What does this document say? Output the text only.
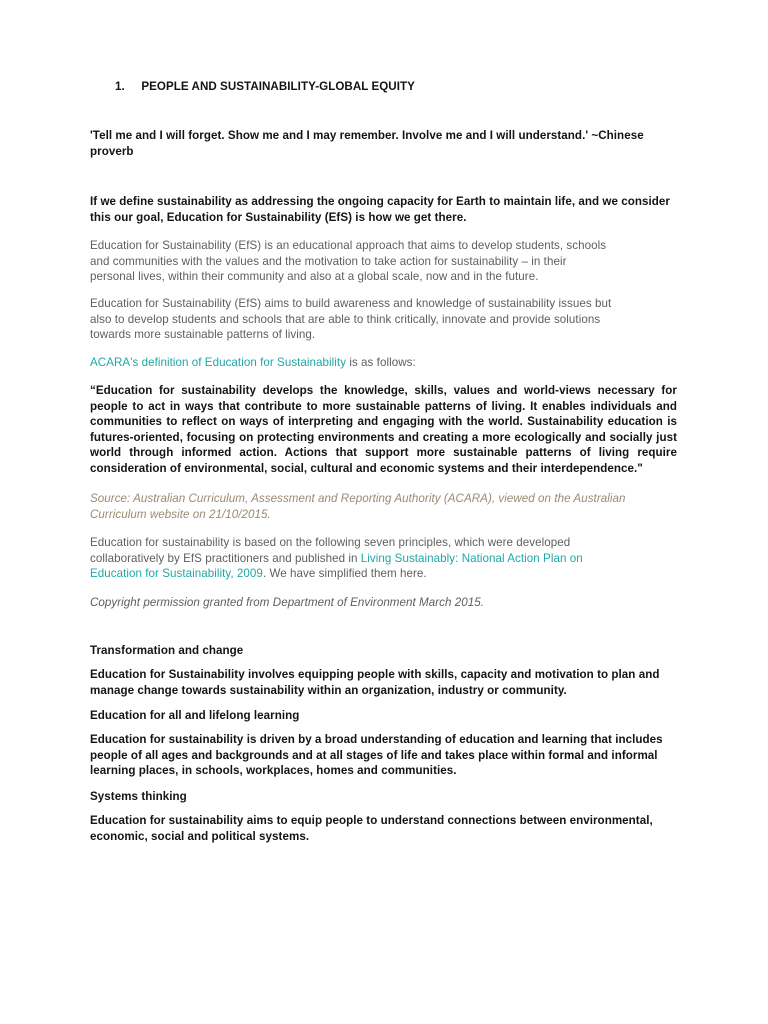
1. PEOPLE AND SUSTAINABILITY-GLOBAL EQUITY
'Tell me and I will forget. Show me and I may remember. Involve me and I will understand.' ~Chinese
proverb
If we define sustainability as addressing the ongoing capacity for Earth to maintain life, and we consider
this our goal, Education for Sustainability (EfS) is how we get there.
Education for Sustainability (EfS) is an educational approach that aims to develop students, schools
and communities with the values and the motivation to take action for sustainability – in their
personal lives, within their community and also at a global scale, now and in the future.
Education for Sustainability (EfS) aims to build awareness and knowledge of sustainability issues but
also to develop students and schools that are able to think critically, innovate and provide solutions
towards more sustainable patterns of living.
ACARA's definition of Education for Sustainability is as follows:
“Education for sustainability develops the knowledge, skills, values and world-views necessary for
people to act in ways that contribute to more sustainable patterns of living. It enables individuals and
communities to reflect on ways of interpreting and engaging with the world. Sustainability education is
futures-oriented, focusing on protecting environments and creating a more ecologically and socially just
world through informed action. Actions that support more sustainable patterns of living require
consideration of environmental, social, cultural and economic systems and their interdependence."
Source: Australian Curriculum, Assessment and Reporting Authority (ACARA), viewed on the Australian
Curriculum website on 21/10/2015.
Education for sustainability is based on the following seven principles, which were developed
collaboratively by EfS practitioners and published in Living Sustainably: National Action Plan on
Education for Sustainability, 2009. We have simplified them here.
Copyright permission granted from Department of Environment March 2015.
Transformation and change
Education for Sustainability involves equipping people with skills, capacity and motivation to plan and
manage change towards sustainability within an organization, industry or community.
Education for all and lifelong learning
Education for sustainability is driven by a broad understanding of education and learning that includes
people of all ages and backgrounds and at all stages of life and takes place within formal and informal
learning places, in schools, workplaces, homes and communities.
Systems thinking
Education for sustainability aims to equip people to understand connections between environmental,
economic, social and political systems.
